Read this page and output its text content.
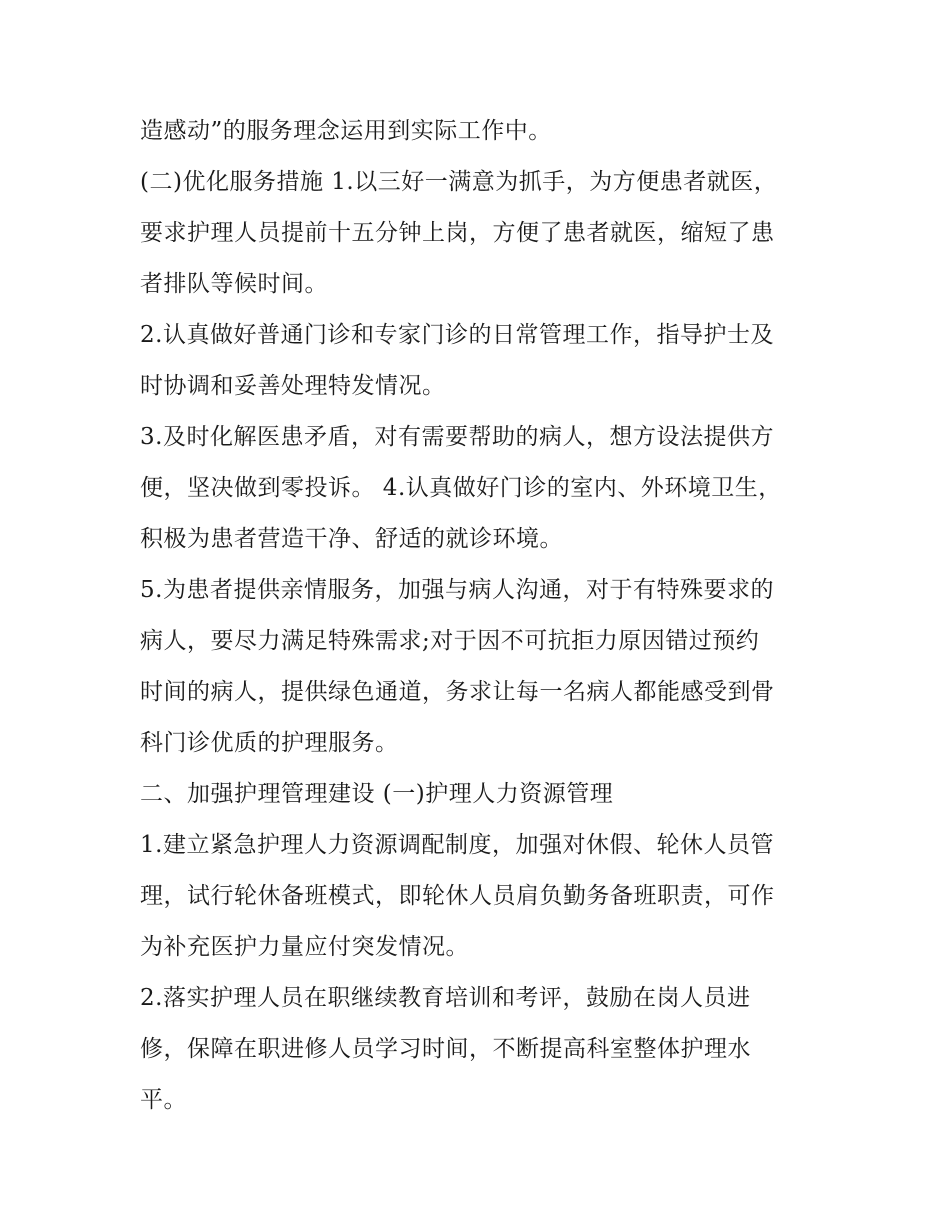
造感动”的服务理念运用到实际工作中。
(二)优化服务措施 1.以三好一满意为抓手，为方便患者就医，
要求护理人员提前十五分钟上岗，方便了患者就医，缩短了患
者排队等候时间。
2.认真做好普通门诊和专家门诊的日常管理工作，指导护士及
时协调和妥善处理特发情况。
3.及时化解医患矛盾，对有需要帮助的病人，想方设法提供方
便，坚决做到零投诉。 4.认真做好门诊的室内、外环境卫生，
积极为患者营造干净、舒适的就诊环境。
5.为患者提供亲情服务，加强与病人沟通，对于有特殊要求的
病人，要尽力满足特殊需求;对于因不可抗拒力原因错过预约
时间的病人，提供绿色通道，务求让每一名病人都能感受到骨
科门诊优质的护理服务。
二、加强护理管理建设 (一)护理人力资源管理
1.建立紧急护理人力资源调配制度，加强对休假、轮休人员管
理，试行轮休备班模式，即轮休人员肩负勤务备班职责，可作
为补充医护力量应付突发情况。
2.落实护理人员在职继续教育培训和考评，鼓励在岗人员进
修，保障在职进修人员学习时间，不断提高科室整体护理水
平。
